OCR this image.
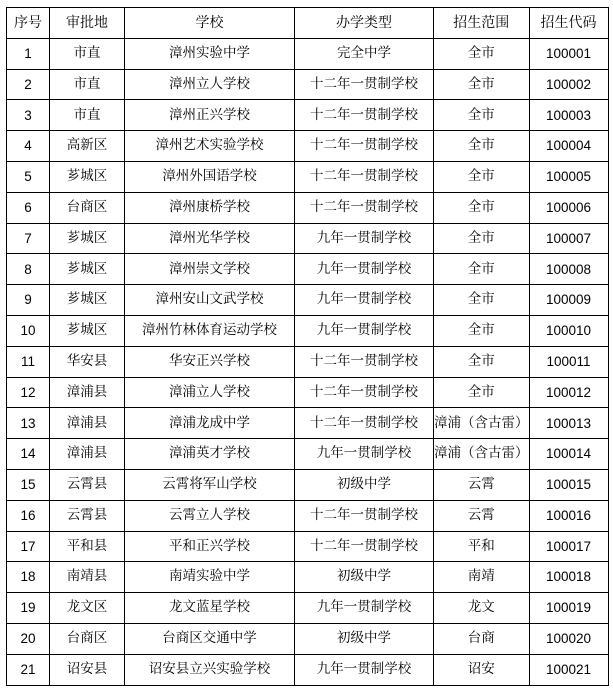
序号	审批地	学校	办学类型	招生范围	招生代码
1	市直	漳州实验中学	完全中学	全市	100001
2	市直	漳州立人学校	十二年一贯制学校	全市	100002
3	市直	漳州正兴学校	十二年一贯制学校	全市	100003
4	高新区	漳州艺术实验学校	十二年一贯制学校	全市	100004
5	芗城区	漳州外国语学校	十二年一贯制学校	全市	100005
6	台商区	漳州康桥学校	十二年一贯制学校	全市	100006
7	芗城区	漳州光华学校	九年一贯制学校	全市	100007
8	芗城区	漳州崇文学校	九年一贯制学校	全市	100008
9	芗城区	漳州安山文武学校	九年一贯制学校	全市	100009
10	芗城区	漳州竹林体育运动学校	九年一贯制学校	全市	100010
11	华安县	华安正兴学校	十二年一贯制学校	全市	100011
12	漳浦县	漳浦立人学校	十二年一贯制学校	全市	100012
13	漳浦县	漳浦龙成中学	十二年一贯制学校	漳浦（含古雷）	100013
14	漳浦县	漳浦英才学校	九年一贯制学校	漳浦（含古雷）	100014
15	云霄县	云霄将军山学校	初级中学	云霄	100015
16	云霄县	云霄立人学校	十二年一贯制学校	云霄	100016
17	平和县	平和正兴学校	十二年一贯制学校	平和	100017
18	南靖县	南靖实验中学	初级中学	南靖	100018
19	龙文区	龙文蓝星学校	九年一贯制学校	龙文	100019
20	台商区	台商区交通中学	初级中学	台商	100020
21	诏安县	诏安县立兴实验学校	九年一贯制学校	诏安	100021
